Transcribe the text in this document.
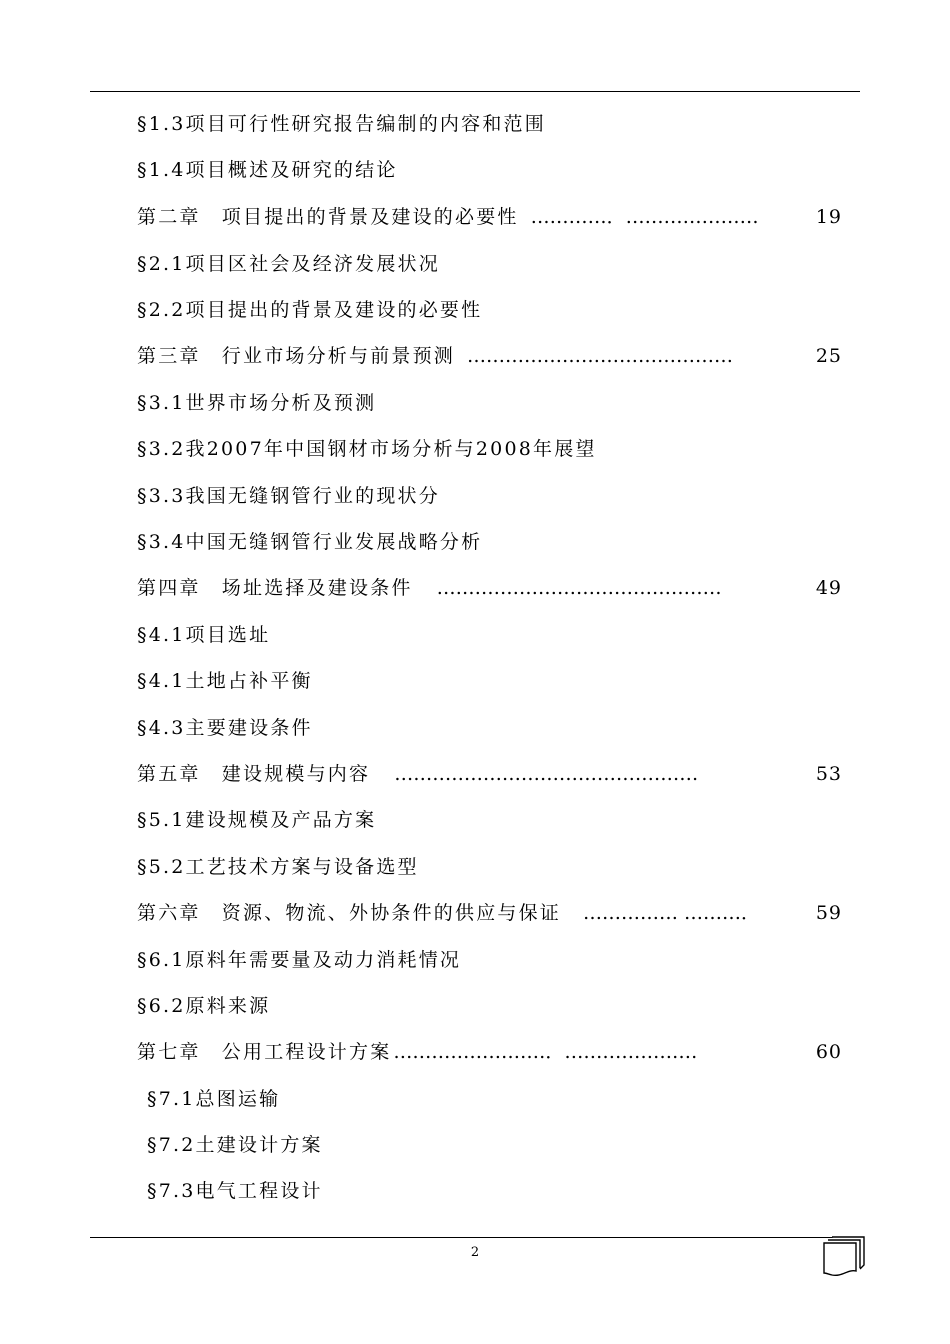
§1.3项目可行性研究报告编制的内容和范围
§1.4项目概述及研究的结论
第二章　项目提出的背景及建设的必要性 …………．…………………	19
§2.1项目区社会及经济发展状况
§2.2项目提出的背景及建设的必要性
第三章　行业市场分析与前景预测 ……………………………………	25
§3.1世界市场分析及预测
§3.2我2007年中国钢材市场分析与2008年展望
§3.3我国无缝钢管行业的现状分
§3.4中国无缝钢管行业发展战略分析
第四章　场址选择及建设条件 ………………………………………	49
§4.1项目选址
§4.1土地占补平衡
§4.3主要建设条件
第五章　建设规模与内容 …………………………………………	53
§5.1建设规模及产品方案
§5.2工艺技术方案与设备选型
第六章　资源、物流、外协条件的供应与保证 …………… ………．	59
§6.1原料年需要量及动力消耗情况
§6.2原料来源
第七章　公用工程设计方案 ……………………．…………………	60
§7.1总图运输
§7.2土建设计方案
§7.3电气工程设计
2
